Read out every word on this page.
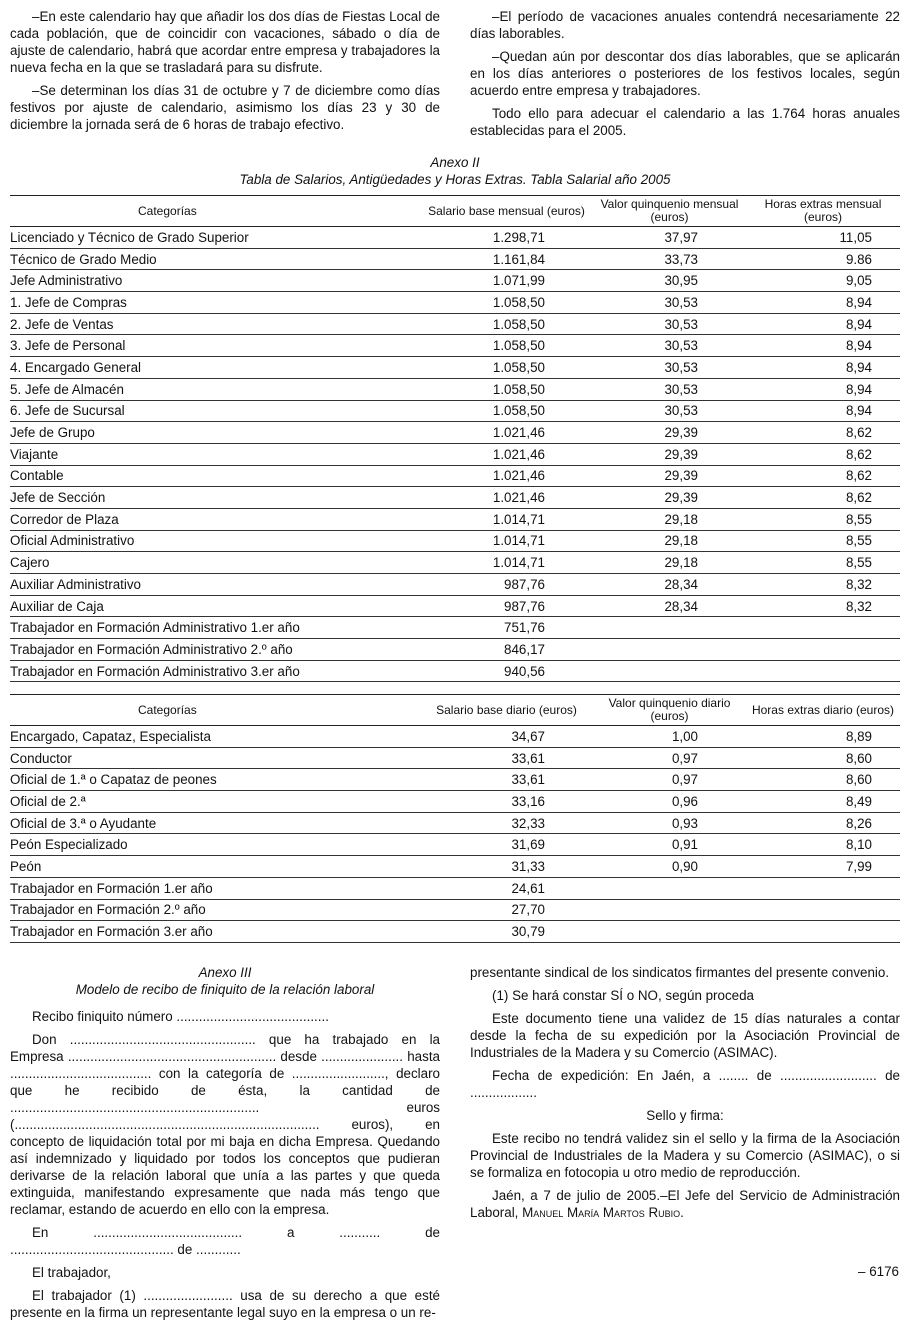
–En este calendario hay que añadir los dos días de Fiestas Local de cada población, que de coincidir con vacaciones, sábado o día de ajuste de calendario, habrá que acordar entre empresa y trabajadores la nueva fecha en la que se trasladará para su disfrute.

–Se determinan los días 31 de octubre y 7 de diciembre como días festivos por ajuste de calendario, asimismo los días 23 y 30 de diciembre la jornada será de 6 horas de trabajo efectivo.

–El período de vacaciones anuales contendrá necesariamente 22 días laborables.

–Quedan aún por descontar dos días laborables, que se aplicarán en los días anteriores o posteriores de los festivos locales, según acuerdo entre empresa y trabajadores.

Todo ello para adecuar el calendario a las 1.764 horas anuales establecidas para el 2005.

Anexo II
Tabla de Salarios, Antigüedades y Horas Extras. Tabla Salarial año 2005
Categorías	Salario base mensual (euros)	Valor quinquenio mensual (euros)	Horas extras mensual (euros)
Licenciado y Técnico de Grado Superior	1.298,71	37,97	11,05
Técnico de Grado Medio	1.161,84	33,73	9.86
Jefe Administrativo	1.071,99	30,95	9,05
1. Jefe de Compras	1.058,50	30,53	8,94
2. Jefe de Ventas	1.058,50	30,53	8,94
3. Jefe de Personal	1.058,50	30,53	8,94
4. Encargado General	1.058,50	30,53	8,94
5. Jefe de Almacén	1.058,50	30,53	8,94
6. Jefe de Sucursal	1.058,50	30,53	8,94
Jefe de Grupo	1.021,46	29,39	8,62
Viajante	1.021,46	29,39	8,62
Contable	1.021,46	29,39	8,62
Jefe de Sección	1.021,46	29,39	8,62
Corredor de Plaza	1.014,71	29,18	8,55
Oficial Administrativo	1.014,71	29,18	8,55
Cajero	1.014,71	29,18	8,55
Auxiliar Administrativo	987,76	28,34	8,32
Auxiliar de Caja	987,76	28,34	8,32
Trabajador en Formación Administrativo 1.er año	751,76		
Trabajador en Formación Administrativo 2.º año	846,17		
Trabajador en Formación Administrativo 3.er año	940,56		
Categorías	Salario base diario (euros)	Valor quinquenio diario (euros)	Horas extras diario (euros)
Encargado, Capataz, Especialista	34,67	1,00	8,89
Conductor	33,61	0,97	8,60
Oficial de 1.ª o Capataz de peones	33,61	0,97	8,60
Oficial de 2.ª	33,16	0,96	8,49
Oficial de 3.ª o Ayudante	32,33	0,93	8,26
Peón Especializado	31,69	0,91	8,10
Peón	31,33	0,90	7,99
Trabajador en Formación 1.er año	24,61		
Trabajador en Formación 2.º año	27,70		
Trabajador en Formación 3.er año	30,79		
Anexo III
Modelo de recibo de finiquito de la relación laboral

Recibo finiquito número .........................................

Don .................................................. que ha trabajado en la Empresa ........................................................ desde ...................... hasta ...................................... con la categoría de ........................., declaro que he recibido de ésta, la cantidad de ................................................................... euros (.................................................................................. euros), en concepto de liquidación total por mi baja en dicha Empresa. Quedando así indemnizado y liquidado por todos los conceptos que pudieran derivarse de la relación laboral que unía a las partes y que queda extinguida, manifestando expresamente que nada más tengo que reclamar, estando de acuerdo en ello con la empresa.

En ........................................ a ........... de ............................................ de ............

El trabajador,

El trabajador (1) ........................ usa de su derecho a que esté presente en la firma un representante legal suyo en la empresa o un re-

presentante sindical de los sindicatos firmantes del presente convenio.

(1) Se hará constar SÍ o NO, según proceda

Este documento tiene una validez de 15 días naturales a contar desde la fecha de su expedición por la Asociación Provincial de Industriales de la Madera y su Comercio (ASIMAC).

Fecha de expedición: En Jaén, a ........ de .......................... de ..................

Sello y firma:

Este recibo no tendrá validez sin el sello y la firma de la Asociación Provincial de Industriales de la Madera y su Comercio (ASIMAC), o si se formaliza en fotocopia u otro medio de reproducción.

Jaén, a 7 de julio de 2005.–El Jefe del Servicio de Administración Laboral, Manuel María Martos Rubio.

– 6176
